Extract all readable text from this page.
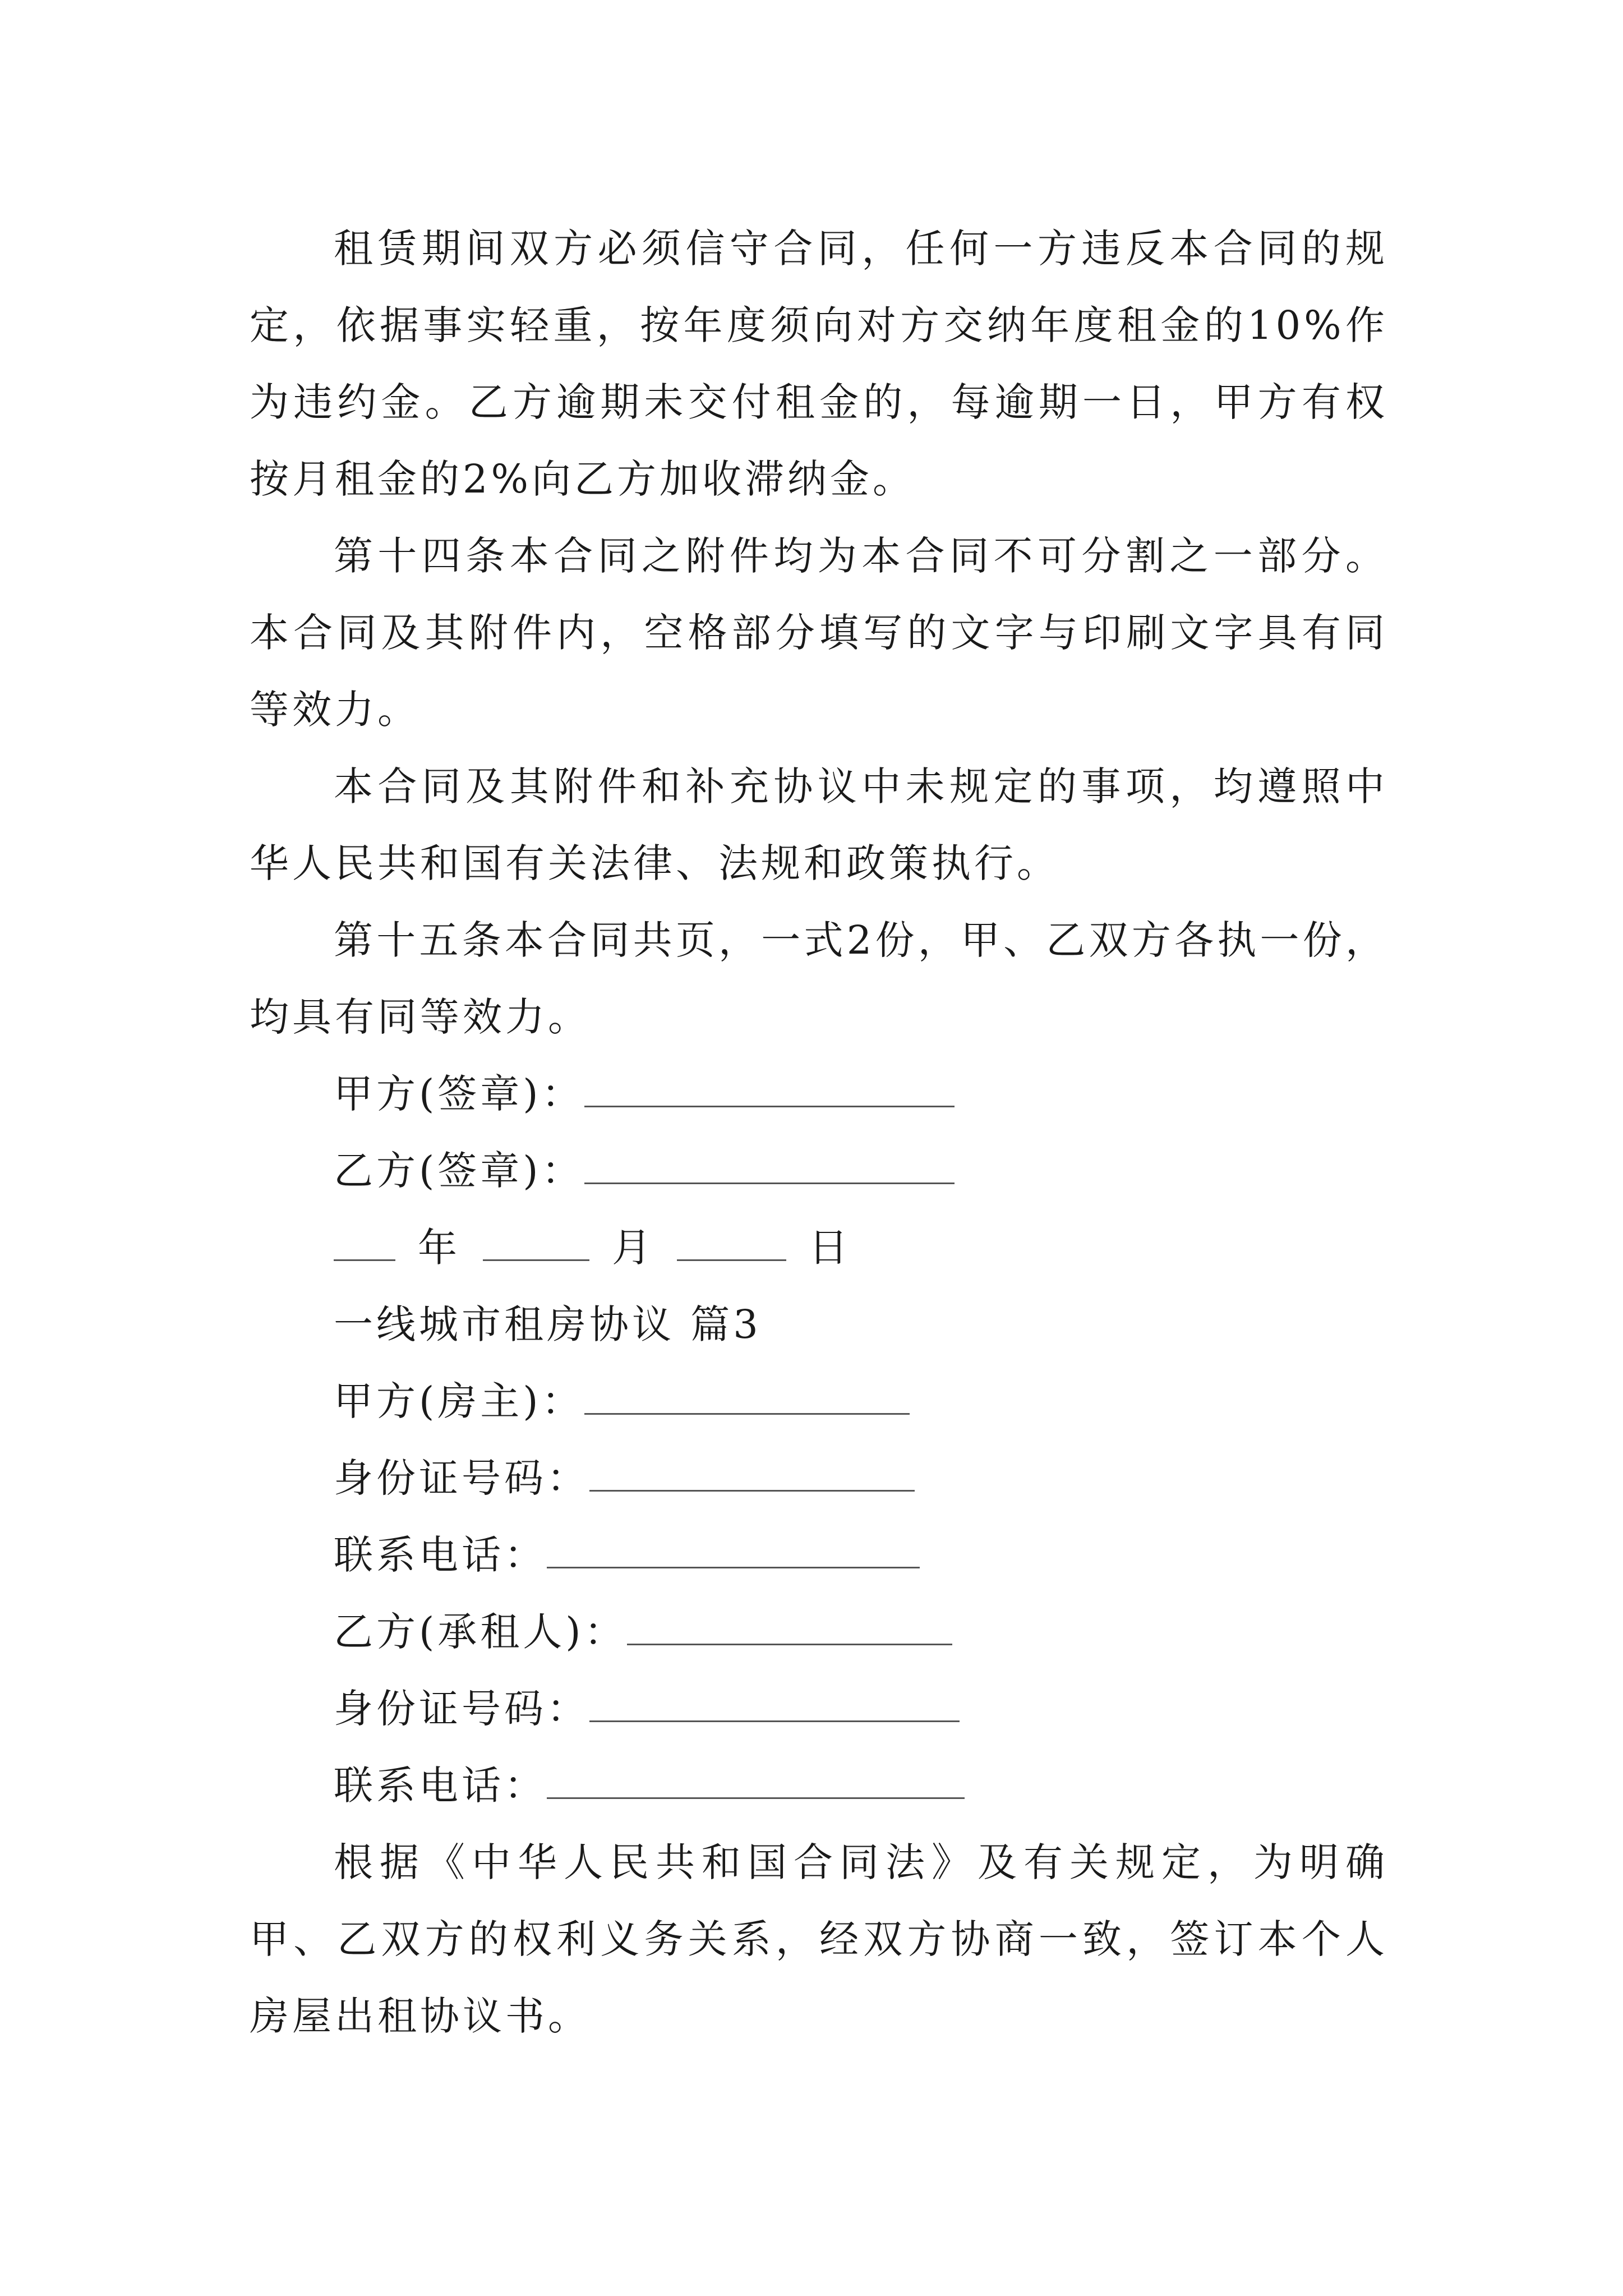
租赁期间双方必须信守合同，任何一方违反本合同的规定，依据事实轻重，按年度须向对方交纳年度租金的10%作为违约金。乙方逾期未交付租金的，每逾期一日，甲方有权按月租金的2%向乙方加收滞纳金。

第十四条本合同之附件均为本合同不可分割之一部分。本合同及其附件内，空格部分填写的文字与印刷文字具有同等效力。

本合同及其附件和补充协议中未规定的事项，均遵照中华人民共和国有关法律、法规和政策执行。

第十五条本合同共页，一式2份，甲、乙双方各执一份，均具有同等效力。

甲方(签章)：
乙方(签章)：
年	月	日
一线城市租房协议 篇3
甲方(房主)：
身份证号码：
联系电话：
乙方(承租人)：
身份证号码：
联系电话：

根据《中华人民共和国合同法》及有关规定，为明确甲、乙双方的权利义务关系，经双方协商一致，签订本个人房屋出租协议书。
